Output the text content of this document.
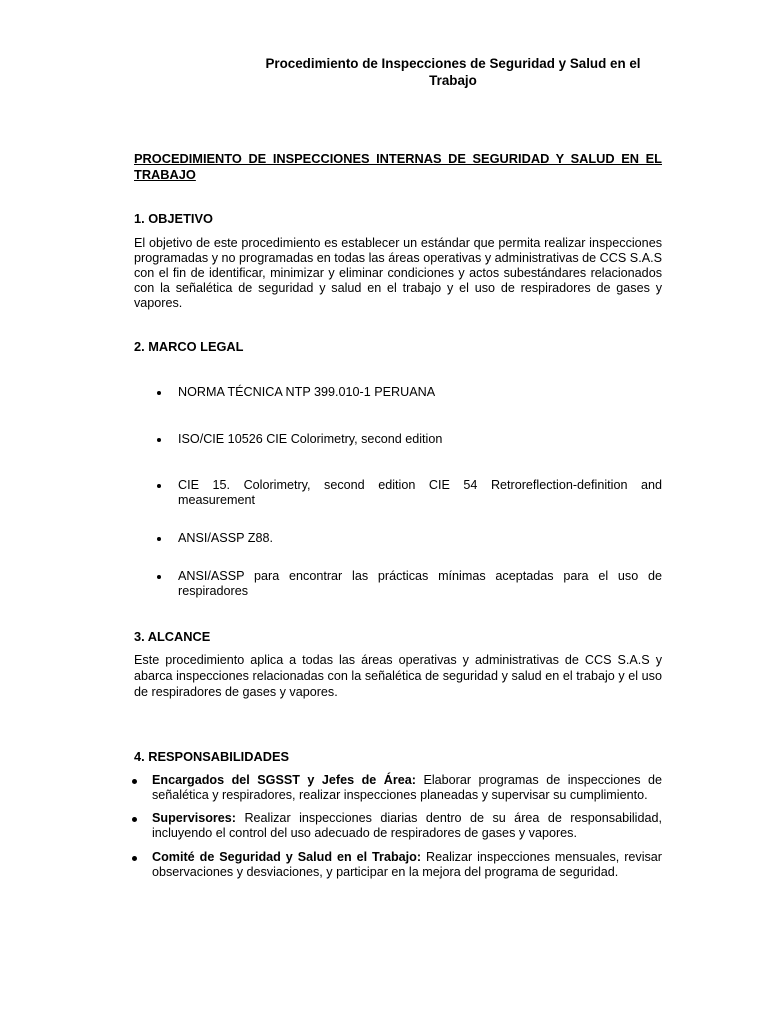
Procedimiento de Inspecciones de Seguridad y Salud en el Trabajo
PROCEDIMIENTO DE INSPECCIONES INTERNAS DE SEGURIDAD Y SALUD EN EL TRABAJO
1. OBJETIVO
El objetivo de este procedimiento es establecer un estándar que permita realizar inspecciones programadas y no programadas en todas las áreas operativas y administrativas de CCS S.A.S con el fin de identificar, minimizar y eliminar condiciones y actos subestándares relacionados con la señalética de seguridad y salud en el trabajo y el uso de respiradores de gases y vapores.
2. MARCO LEGAL
NORMA TÉCNICA NTP 399.010-1 PERUANA
ISO/CIE 10526 CIE Colorimetry, second edition
CIE 15. Colorimetry, second edition CIE 54 Retroreflection-definition and measurement
ANSI/ASSP Z88.
ANSI/ASSP para encontrar las prácticas mínimas aceptadas para el uso de respiradores
3. ALCANCE
Este procedimiento aplica a todas las áreas operativas y administrativas de CCS S.A.S y abarca inspecciones relacionadas con la señalética de seguridad y salud en el trabajo y el uso de respiradores de gases y vapores.
4. RESPONSABILIDADES
Encargados del SGSST y Jefes de Área: Elaborar programas de inspecciones de señalética y respiradores, realizar inspecciones planeadas y supervisar su cumplimiento.
Supervisores: Realizar inspecciones diarias dentro de su área de responsabilidad, incluyendo el control del uso adecuado de respiradores de gases y vapores.
Comité de Seguridad y Salud en el Trabajo: Realizar inspecciones mensuales, revisar observaciones y desviaciones, y participar en la mejora del programa de seguridad.
